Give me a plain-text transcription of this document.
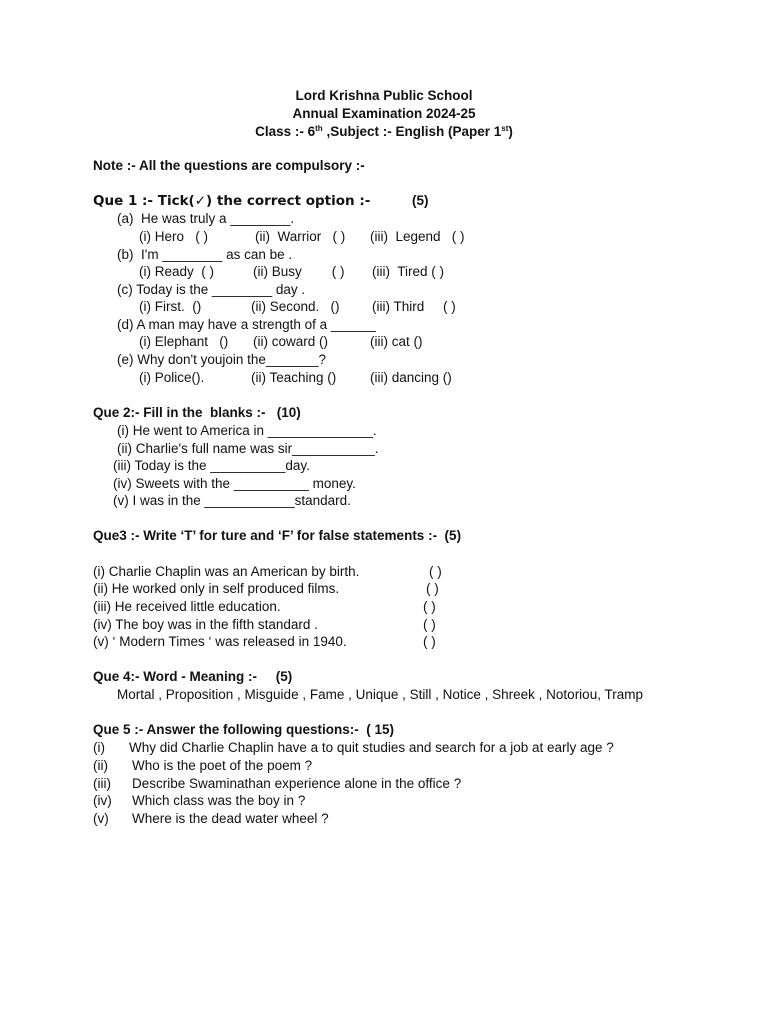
Lord Krishna Public School
Annual Examination 2024-25
Class :- 6th ,Subject :- English (Paper 1st)
Note :- All the questions are compulsory :-
Que 1 :- Tick(✓) the correct option :-	(5)
(a)  He was truly a ________.
(i) Hero   ( )	(ii)  Warrior   ( ) (iii)  Legend   ( )
(b)  I'm ________ as can be .
(i) Ready  ( )	(ii) Busy        ( ) (iii)  Tired ( )
(c) Today is the ________ day .
(i) First.  ()	(ii) Second.   () (iii) Third     ( )
(d) A man may have a strength of a ______
(i) Elephant   () (ii) coward ()	(iii) cat ()
(e) Why don't youjoin the_______?
(i) Police().	(ii) Teaching () (iii) dancing ()
Que 2:- Fill in the  blanks :-   (10)
(i) He went to America in ______________.
(ii) Charlie's full name was sir___________.
(iii) Today is the __________day.
(iv) Sweets with the __________ money.
(v) I was in the ____________standard.
Que3 :- Write ‘T’ for ture and ‘F’ for false statements :-  (5)
(i) Charlie Chaplin was an American by birth.	( )
(ii) He worked only in self produced films.	( )
(iii) He received little education.	( )
(iv) The boy was in the fifth standard .	( )
(v) ‘ Modern Times ‘ was released in 1940.	( )
Que 4:- Word - Meaning :-     (5)
Mortal , Proposition , Misguide , Fame , Unique , Still , Notice , Shreek , Notoriou, Tramp
Que 5 :- Answer the following questions:-  ( 15)
(i) Why did Charlie Chaplin have a to quit studies and search for a job at early age ?
(ii) Who is the poet of the poem ?
(iii) Describe Swaminathan experience alone in the office ?
(iv) Which class was the boy in ?
(v) Where is the dead water wheel ?
